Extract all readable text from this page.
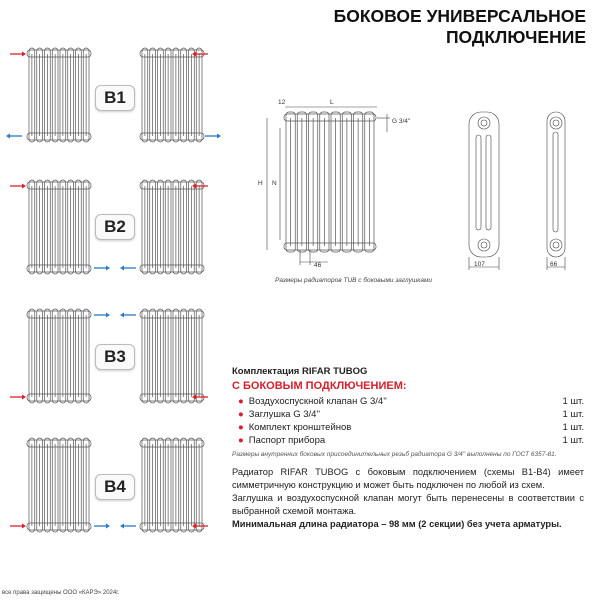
БОКОВОЕ УНИВЕРСАЛЬНОЕ
ПОДКЛЮЧЕНИЕ
B1
B2
B3
B4
12	L
G 3/4''
H N
46	107	66
Размеры радиаторов TUB с боковыми заглушками
Комплектация RIFAR TUBOG
С БОКОВЫМ ПОДКЛЮЧЕНИЕМ:
● Воздухоспускной клапан G 3/4''	1 шт.
● Заглушка G 3/4''	1 шт.
● Комплект кронштейнов	1 шт.
● Паспорт прибора	1 шт.
Размеры внутренних боковых присоединительных резьб радиатора G 3/4'' выполнены по ГОСТ 6357-81.

Радиатор RIFAR TUBOG с боковым подключением (схемы B1-B4) имеет симметричную конструкцию и может быть подключен по любой из схем.

Заглушка и воздухоспускной клапан могут быть перенесены в соответствии с выбранной схемой монтажа.

Минимальная длина радиатора – 98 мм (2 секции) без учета арматуры.

все права защищены ООО «КАРЭ» 2024г.
